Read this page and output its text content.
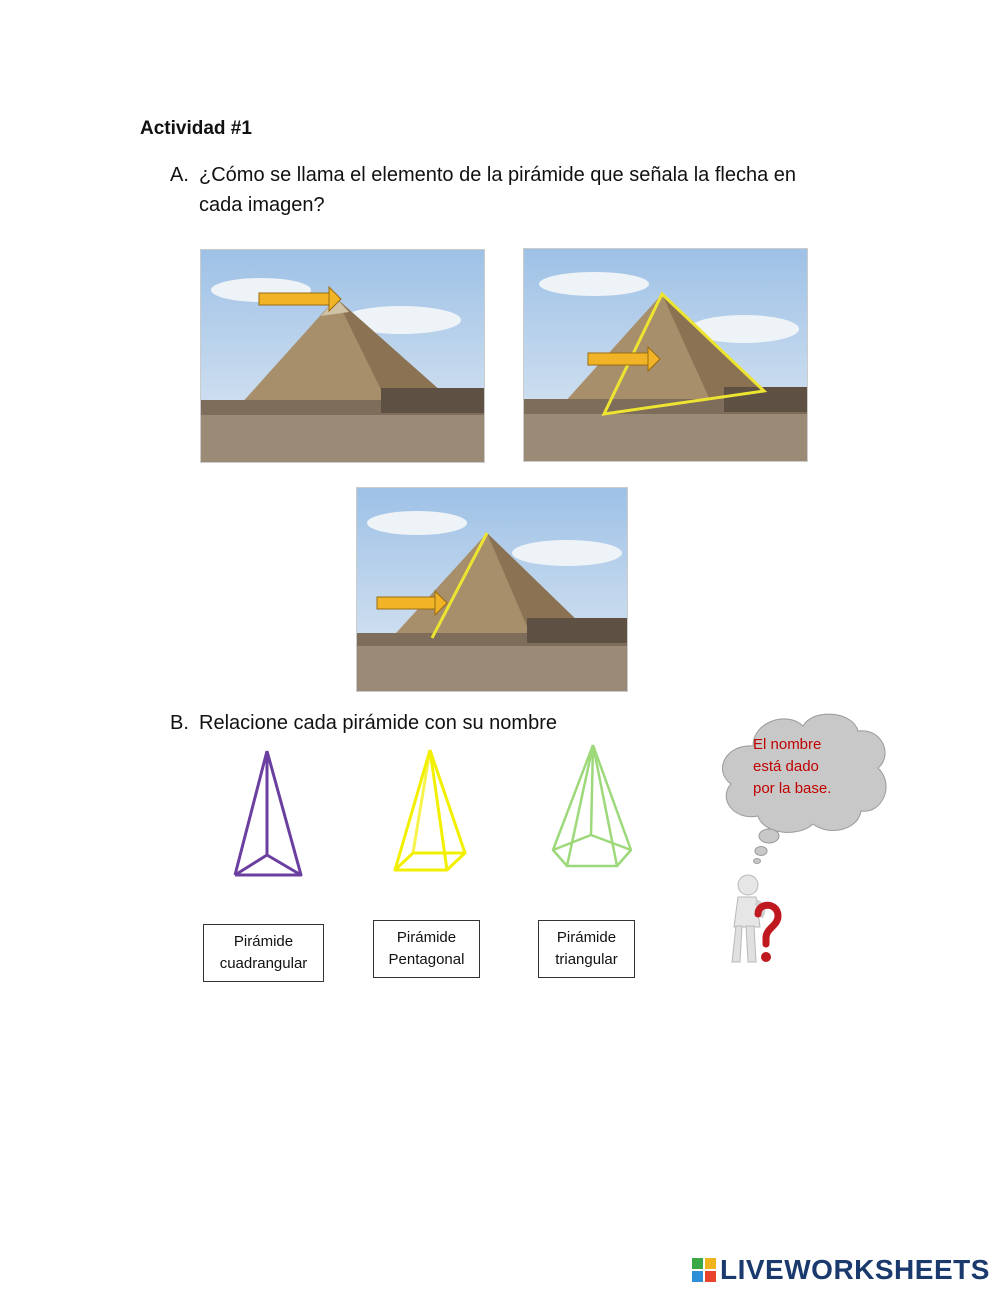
Actividad #1
A. ¿Cómo se llama el elemento de la pirámide que señala la flecha en
cada imagen?
B. Relacione cada pirámide con su nombre
Pirámide
cuadrangular
Pirámide
Pentagonal
Pirámide
triangular
El nombre
está dado
por la base.
LIVEWORKSHEETS
